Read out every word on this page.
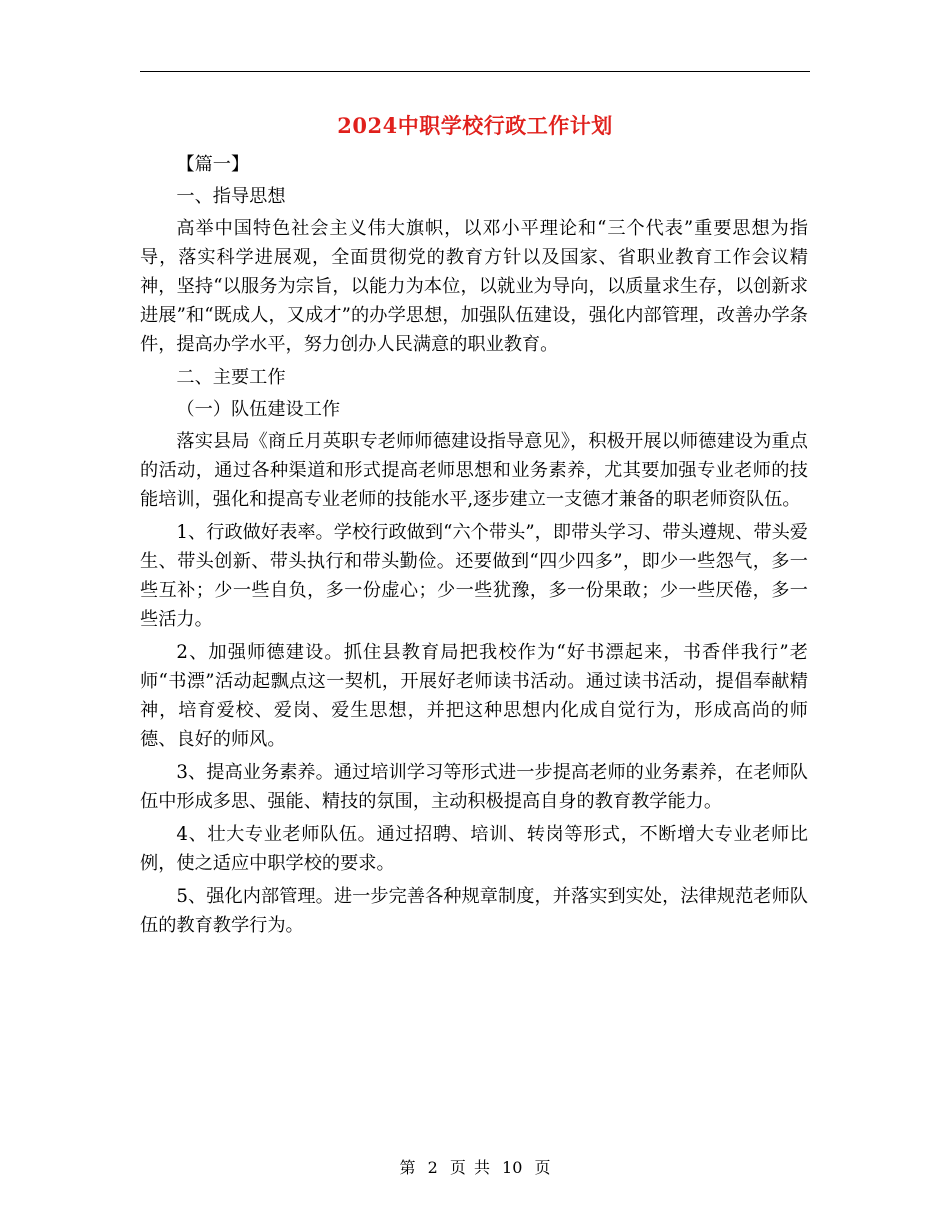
2024中职学校行政工作计划

【篇一】

一、指导思想

高举中国特色社会主义伟大旗帜，以邓小平理论和“三个代表”重要思想为指导，落实科学进展观，全面贯彻党的教育方针以及国家、省职业教育工作会议精神，坚持“以服务为宗旨，以能力为本位，以就业为导向，以质量求生存，以创新求进展”和“既成人，又成才”的办学思想，加强队伍建设，强化内部管理，改善办学条件，提高办学水平，努力创办人民满意的职业教育。

二、主要工作

（一）队伍建设工作

落实县局《商丘月英职专老师师德建设指导意见》，积极开展以师德建设为重点的活动，通过各种渠道和形式提高老师思想和业务素养，尤其要加强专业老师的技能培训，强化和提高专业老师的技能水平,逐步建立一支德才兼备的职老师资队伍。

1、行政做好表率。学校行政做到“六个带头”，即带头学习、带头遵规、带头爱生、带头创新、带头执行和带头勤俭。还要做到“四少四多”，即少一些怨气，多一些互补；少一些自负，多一份虚心；少一些犹豫，多一份果敢；少一些厌倦，多一些活力。

2、加强师德建设。抓住县教育局把我校作为“好书漂起来，书香伴我行”老师“书漂”活动起飘点这一契机，开展好老师读书活动。通过读书活动，提倡奉献精神，培育爱校、爱岗、爱生思想，并把这种思想内化成自觉行为，形成高尚的师德、良好的师风。

3、提高业务素养。通过培训学习等形式进一步提高老师的业务素养，在老师队伍中形成多思、强能、精技的氛围，主动积极提高自身的教育教学能力。

4、壮大专业老师队伍。通过招聘、培训、转岗等形式，不断增大专业老师比例，使之适应中职学校的要求。

5、强化内部管理。进一步完善各种规章制度，并落实到实处，法律规范老师队伍的教育教学行为。

第 2 页 共 10 页
